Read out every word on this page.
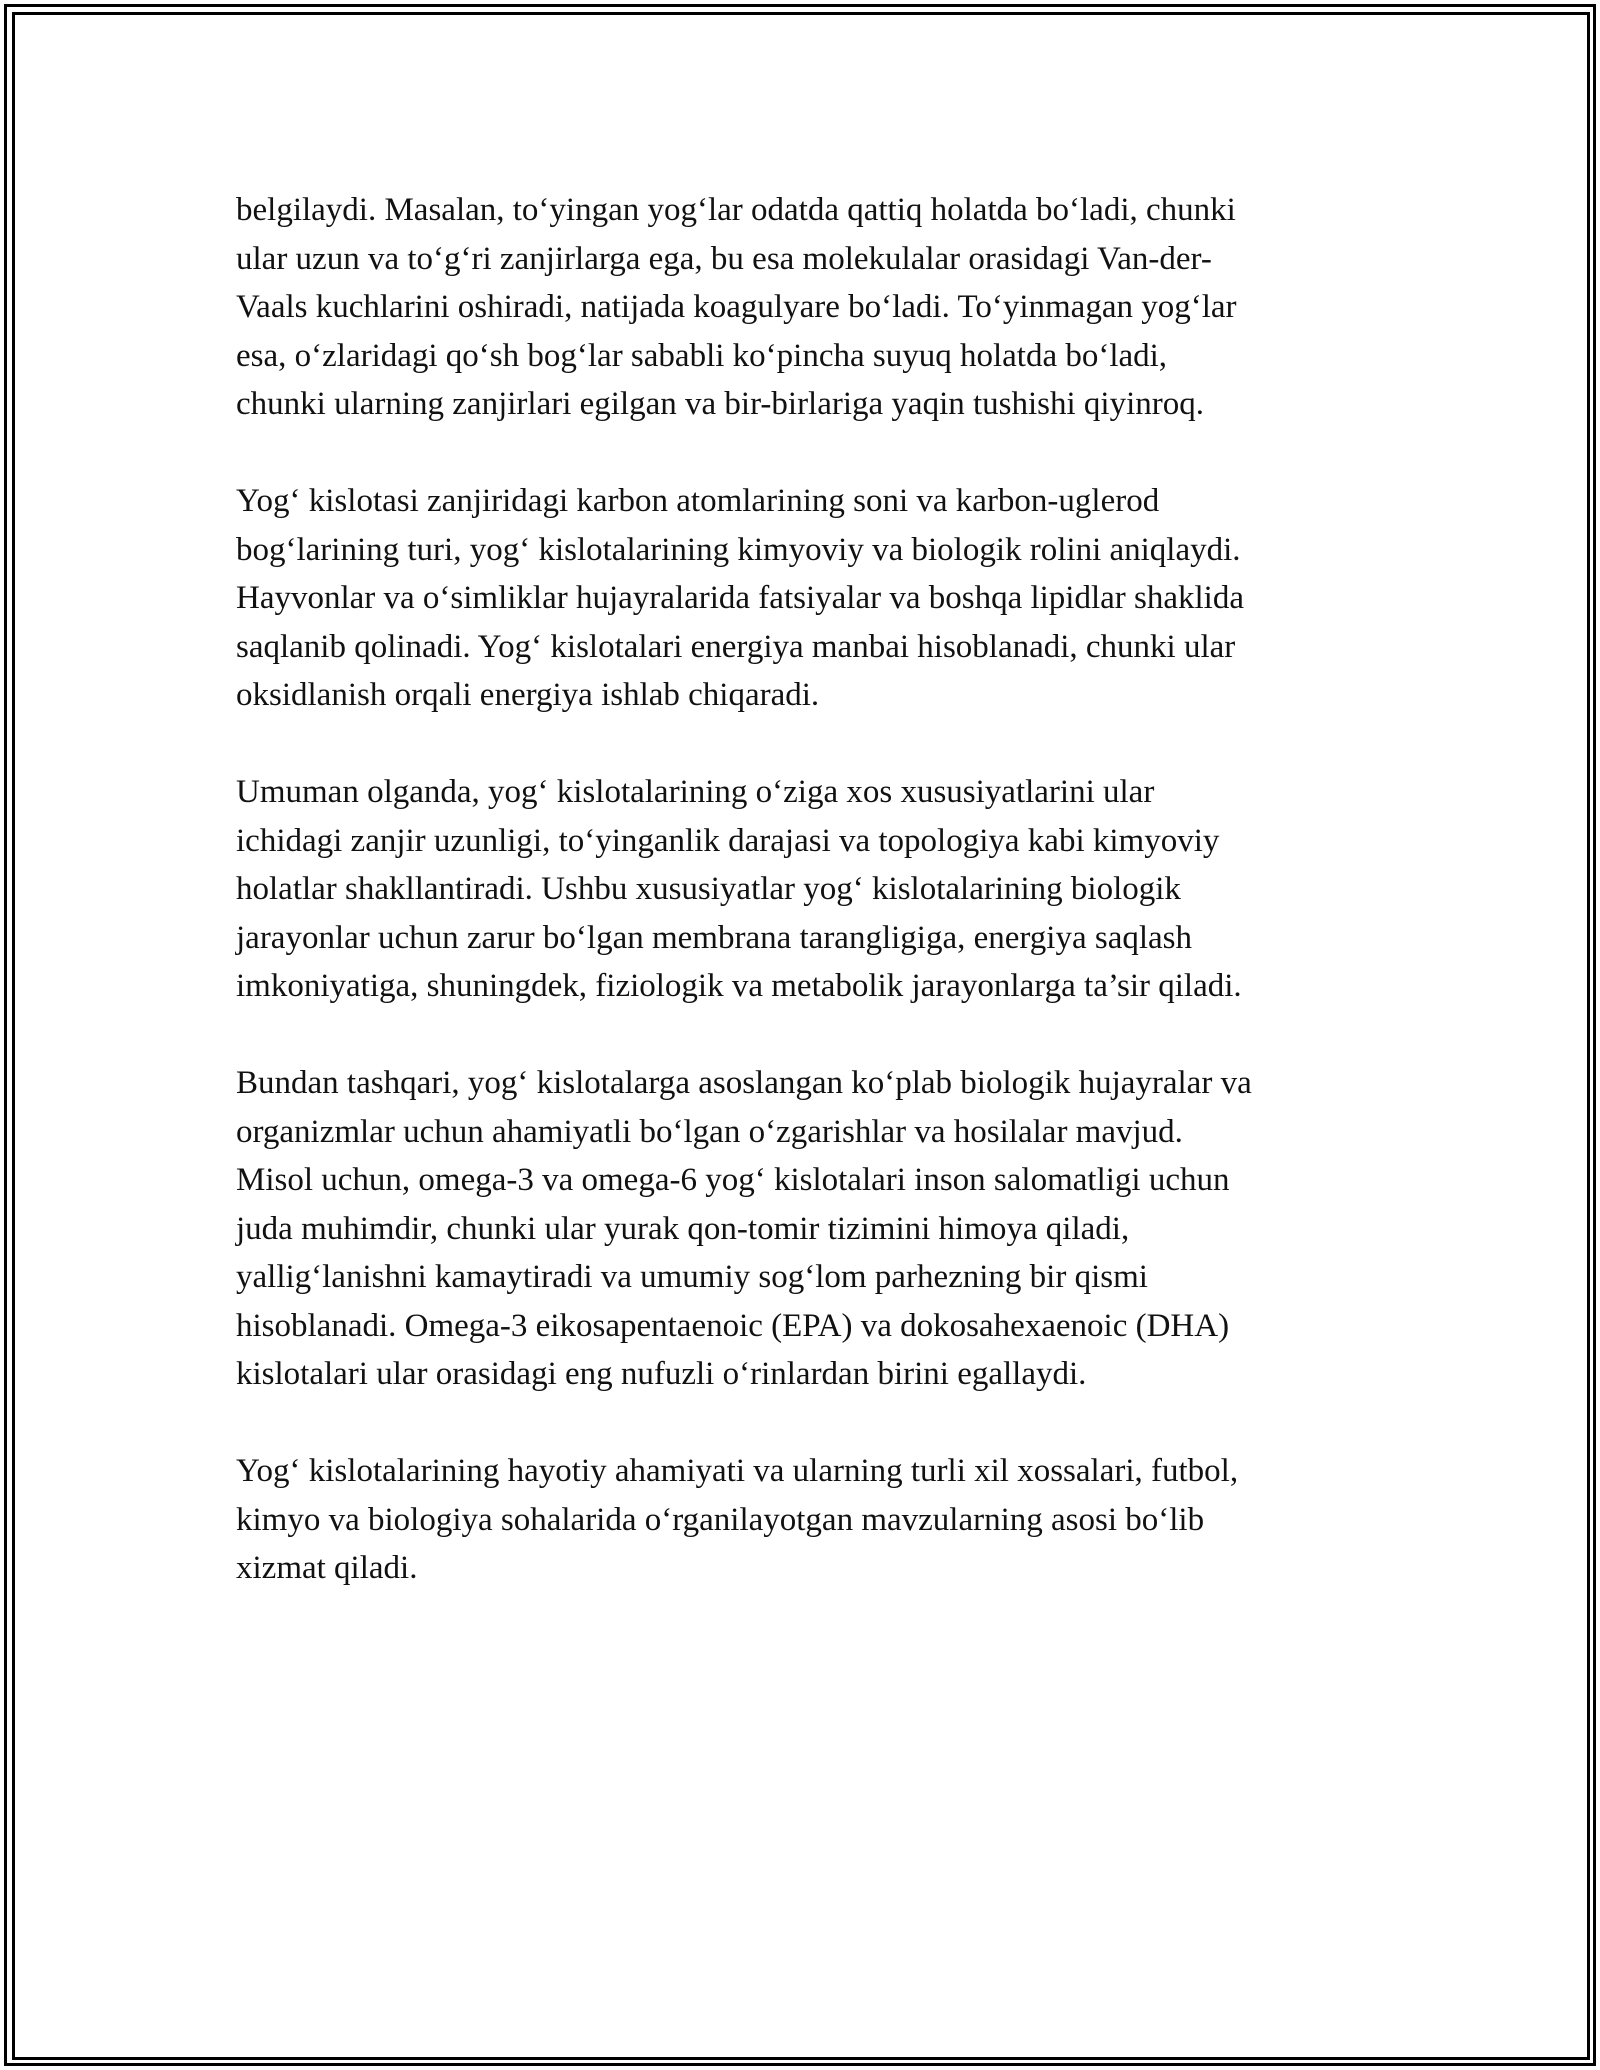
belgilaydi. Masalan, to‘yingan yog‘lar odatda qattiq holatda bo‘ladi, chunki
ular uzun va to‘g‘ri zanjirlarga ega, bu esa molekulalar orasidagi Van-der-
Vaals kuchlarini oshiradi, natijada koagulyare bo‘ladi. To‘yinmagan yog‘lar
esa, o‘zlaridagi qo‘sh bog‘lar sababli ko‘pincha suyuq holatda bo‘ladi,
chunki ularning zanjirlari egilgan va bir-birlariga yaqin tushishi qiyinroq.

Yog‘ kislotasi zanjiridagi karbon atomlarining soni va karbon-uglerod
bog‘larining turi, yog‘ kislotalarining kimyoviy va biologik rolini aniqlaydi.
Hayvonlar va o‘simliklar hujayralarida fatsiyalar va boshqa lipidlar shaklida
saqlanib qolinadi. Yog‘ kislotalari energiya manbai hisoblanadi, chunki ular
oksidlanish orqali energiya ishlab chiqaradi.

Umuman olganda, yog‘ kislotalarining o‘ziga xos xususiyatlarini ular
ichidagi zanjir uzunligi, to‘yinganlik darajasi va topologiya kabi kimyoviy
holatlar shakllantiradi. Ushbu xususiyatlar yog‘ kislotalarining biologik
jarayonlar uchun zarur bo‘lgan membrana tarangligiga, energiya saqlash
imkoniyatiga, shuningdek, fiziologik va metabolik jarayonlarga ta’sir qiladi.

Bundan tashqari, yog‘ kislotalarga asoslangan ko‘plab biologik hujayralar va
organizmlar uchun ahamiyatli bo‘lgan o‘zgarishlar va hosilalar mavjud.
Misol uchun, omega-3 va omega-6 yog‘ kislotalari inson salomatligi uchun
juda muhimdir, chunki ular yurak qon-tomir tizimini himoya qiladi,
yallig‘lanishni kamaytiradi va umumiy sog‘lom parhezning bir qismi
hisoblanadi. Omega-3 eikosapentaenoic (EPA) va dokosahexaenoic (DHA)
kislotalari ular orasidagi eng nufuzli o‘rinlardan birini egallaydi.

Yog‘ kislotalarining hayotiy ahamiyati va ularning turli xil xossalari, futbol,
kimyo va biologiya sohalarida o‘rganilayotgan mavzularning asosi bo‘lib
xizmat qiladi.
